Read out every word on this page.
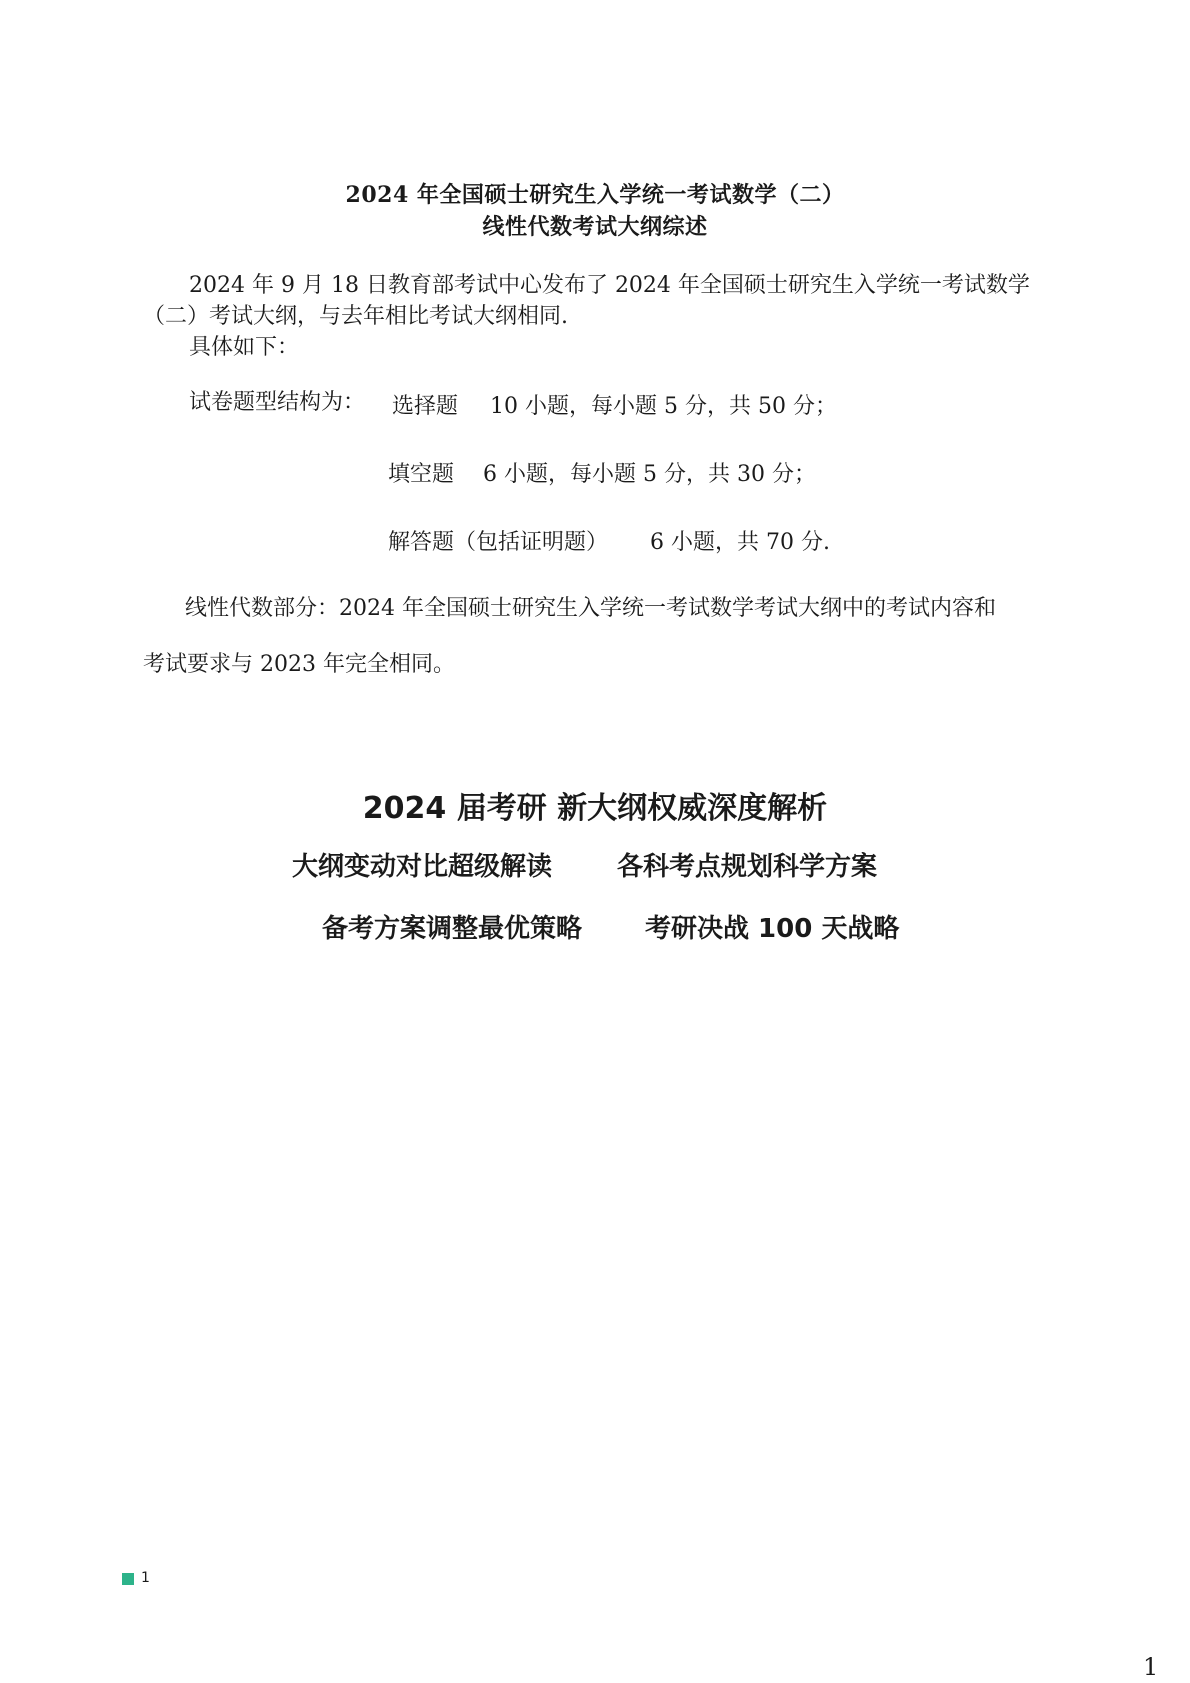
2024 年全国硕士研究生入学统一考试数学（二）
线性代数考试大纲综述
2024 年 9 月 18 日教育部考试中心发布了 2024 年全国硕士研究生入学统一考试数学
（二）考试大纲，与去年相比考试大纲相同.
具体如下：
试卷题型结构为： 选择题 10 小题，每小题 5 分，共 50 分；
填空题 6 小题，每小题 5 分，共 30 分；
解答题（包括证明题） 6 小题，共 70 分.
线性代数部分：2024 年全国硕士研究生入学统一考试数学考试大纲中的考试内容和
考试要求与 2023 年完全相同。
2024 届考研 新大纲权威深度解析
大纲变动对比超级解读 各科考点规划科学方案
备考方案调整最优策略 考研决战 100 天战略
1
1
